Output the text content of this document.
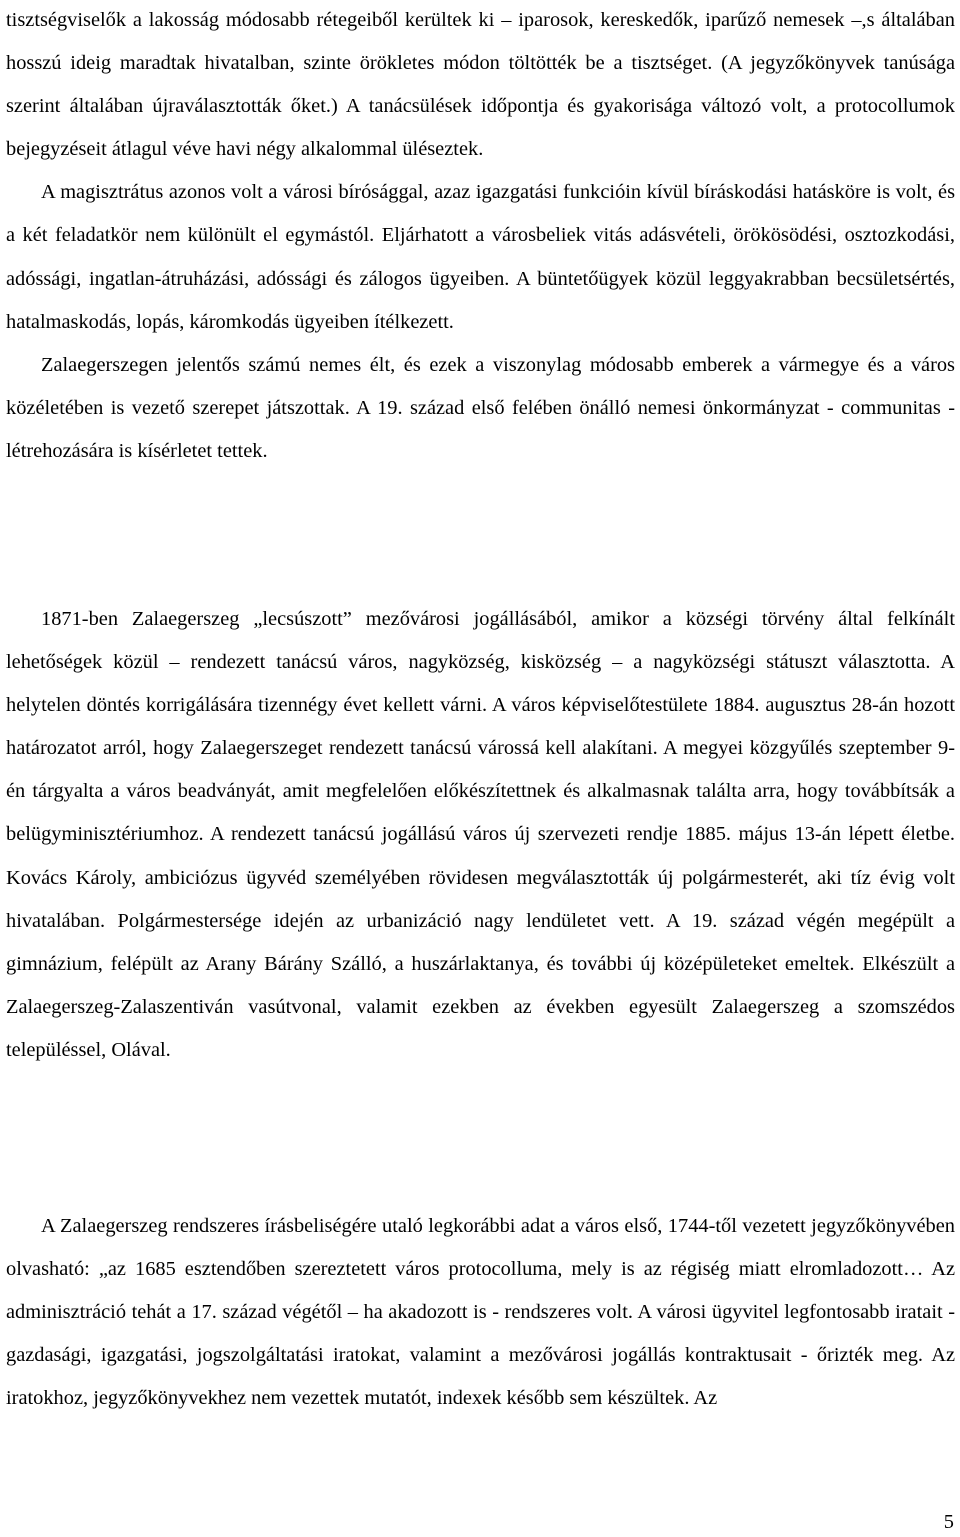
tisztségviselők a lakosság módosabb rétegeiből kerültek ki – iparosok, kereskedők, iparűző nemesek –,s általában hosszú ideig maradtak hivatalban, szinte örökletes módon töltötték be a tisztséget. (A jegyzőkönyvek tanúsága szerint általában újraválasztották őket.) A tanácsülések időpontja és gyakorisága változó volt, a protocollumok bejegyzéseit átlagul véve havi négy alkalommal üléseztek.

A magisztrátus azonos volt a városi bírósággal, azaz igazgatási funkcióin kívül bíráskodási hatásköre is volt, és a két feladatkör nem különült el egymástól. Eljárhatott a városbeliek vitás adásvételi, örökösödési, osztozkodási, adóssági, ingatlan-átruházási, adóssági és zálogos ügyeiben. A büntetőügyek közül leggyakrabban becsületsértés, hatalmaskodás, lopás, káromkodás ügyeiben ítélkezett.

Zalaegerszegen jelentős számú nemes élt, és ezek a viszonylag módosabb emberek a vármegye és a város közéletében is vezető szerepet játszottak. A 19. század első felében önálló nemesi önkormányzat - communitas - létrehozására is kísérletet tettek.

1871-ben Zalaegerszeg „lecsúszott” mezővárosi jogállásából, amikor a községi törvény által felkínált lehetőségek közül – rendezett tanácsú város, nagyközség, kisközség – a nagyközségi státuszt választotta. A helytelen döntés korrigálására tizennégy évet kellett várni. A város képviselőtestülete 1884. augusztus 28-án hozott határozatot arról, hogy Zalaegerszeget rendezett tanácsú várossá kell alakítani. A megyei közgyűlés szeptember 9-én tárgyalta a város beadványát, amit megfelelően előkészítettnek és alkalmasnak találta arra, hogy továbbítsák a belügyminisztériumhoz. A rendezett tanácsú jogállású város új szervezeti rendje 1885. május 13-án lépett életbe. Kovács Károly, ambiciózus ügyvéd személyében rövidesen megválasztották új polgármesterét, aki tíz évig volt hivatalában. Polgármestersége idején az urbanizáció nagy lendületet vett. A 19. század végén megépült a gimnázium, felépült az Arany Bárány Szálló, a huszárlaktanya, és további új középületeket emeltek. Elkészült a Zalaegerszeg-Zalaszentiván vasútvonal, valamit ezekben az években egyesült Zalaegerszeg a szomszédos településsel, Olával.

A Zalaegerszeg rendszeres írásbeliségére utaló legkorábbi adat a város első, 1744-től vezetett jegyzőkönyvében olvasható: „az 1685 esztendőben szereztetett város protocolluma, mely is az régiség miatt elromladozott… Az adminisztráció tehát a 17. század végétől – ha akadozott is - rendszeres volt. A városi ügyvitel legfontosabb iratait - gazdasági, igazgatási, jogszolgáltatási iratokat, valamint a mezővárosi jogállás kontraktusait - őrizték meg. Az iratokhoz, jegyzőkönyvekhez nem vezettek mutatót, indexek később sem készültek. Az

5
